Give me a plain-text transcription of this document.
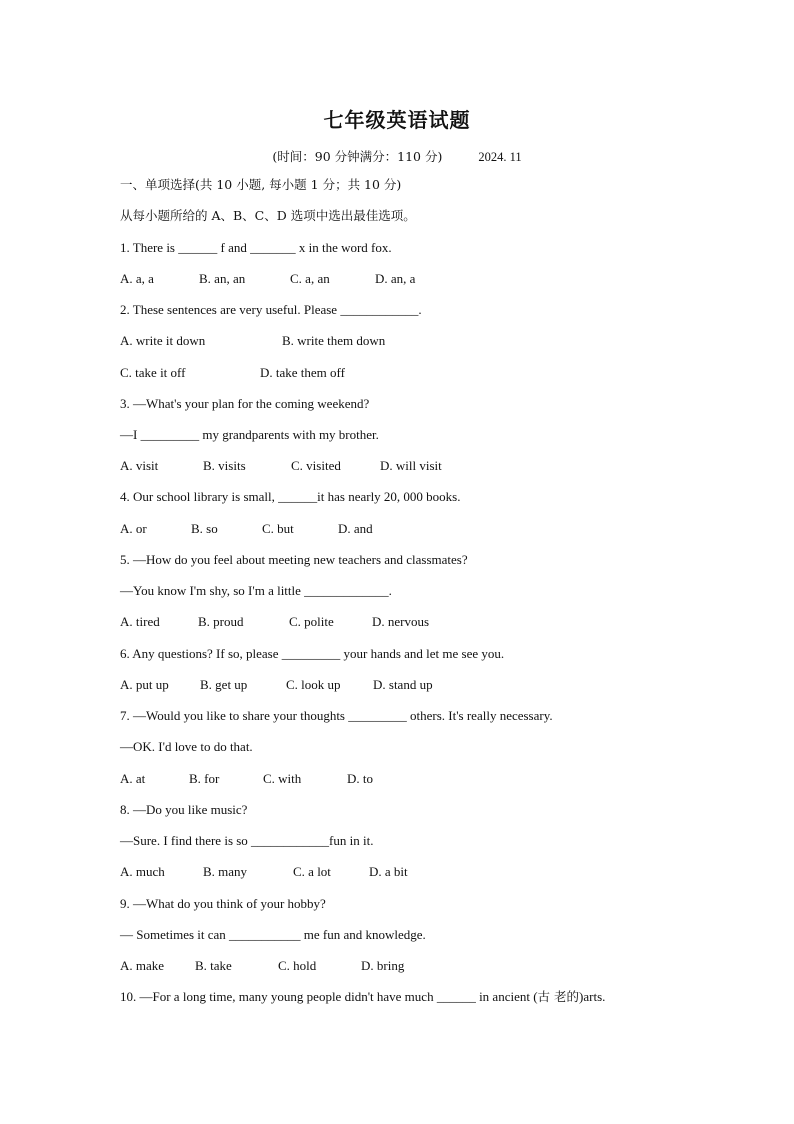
七年级英语试题
(时间：90 分钟满分：110 分)	2024. 11
一、单项选择(共 10 小题, 每小题 1 分；共 10 分)
从每小题所给的 A、B、C、D 选项中选出最佳选项。
1. There is ______ f and _______ x in the word fox.
A. a, a	B. an, an	C. a, an	D. an, a
2. These sentences are very useful. Please ____________.
A. write it down	B. write them down
C. take it off	D. take them off
3. —What's your plan for the coming weekend?
—I _________ my grandparents with my brother.
A. visit	B. visits	C. visited	D. will visit
4. Our school library is small, ______it has nearly 20, 000 books.
A. or	B. so	C. but	D. and
5. —How do you feel about meeting new teachers and classmates?
—You know I'm shy, so I'm a little _____________.
A. tired	B. proud	C. polite	D. nervous
6. Any questions? If so, please _________ your hands and let me see you.
A. put up B. get up	C. look up D. stand up
7. —Would you like to share your thoughts _________ others. It's really necessary.
—OK. I'd love to do that.
A. at	B. for	C. with	D. to
8. —Do you like music?
—Sure. I find there is so ____________fun in it.
A. much	B. many	C. a lot	D. a bit
9. —What do you think of your hobby?
— Sometimes it can ___________ me fun and knowledge.
A. make B. take	C. hold	D. bring
10. —For a long time, many young people didn't have much ______ in ancient (古 老的)arts.
